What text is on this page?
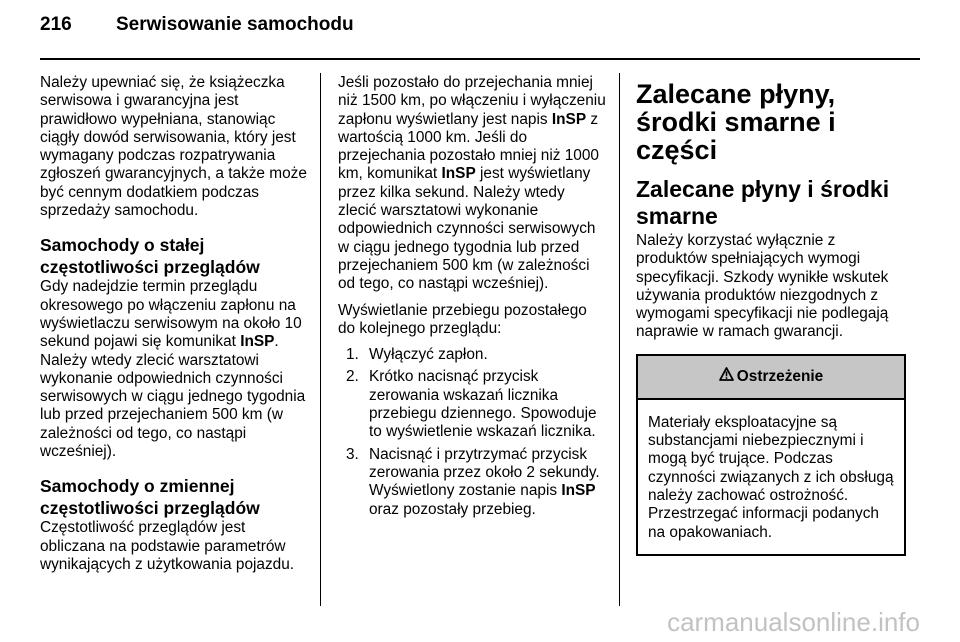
216 Serwisowanie samochodu

Należy upewniać się, że książeczka serwisowa i gwarancyjna jest prawidłowo wypełniana, stanowiąc ciągły dowód serwisowania, który jest wymagany podczas rozpatrywania zgłoszeń gwarancyjnych, a także może być cennym dodatkiem podczas sprzedaży samochodu.

Samochody o stałej częstotliwości przeglądów

Gdy nadejdzie termin przeglądu okresowego po włączeniu zapłonu na wyświetlaczu serwisowym na około 10 sekund pojawi się komunikat InSP. Należy wtedy zlecić warsztatowi wykonanie odpowiednich czynności serwisowych w ciągu jednego tygodnia lub przed przejechaniem 500 km (w zależności od tego, co nastąpi wcześniej).

Samochody o zmiennej częstotliwości przeglądów

Częstotliwość przeglądów jest obliczana na podstawie parametrów wynikających z użytkowania pojazdu.

Jeśli pozostało do przejechania mniej niż 1500 km, po włączeniu i wyłączeniu zapłonu wyświetlany jest napis InSP z wartością 1000 km. Jeśli do przejechania pozostało mniej niż 1000 km, komunikat InSP jest wyświetlany przez kilka sekund. Należy wtedy zlecić warsztatowi wykonanie odpowiednich czynności serwisowych w ciągu jednego tygodnia lub przed przejechaniem 500 km (w zależności od tego, co nastąpi wcześniej).

Wyświetlanie przebiegu pozostałego do kolejnego przeglądu:

1. Wyłączyć zapłon.
2. Krótko nacisnąć przycisk zerowania wskazań licznika przebiegu dziennego. Spowoduje to wyświetlenie wskazań licznika.
3. Nacisnąć i przytrzymać przycisk zerowania przez około 2 sekundy. Wyświetlony zostanie napis InSP oraz pozostały przebieg.
Zalecane płyny, środki smarne i części
Zalecane płyny i środki smarne

Należy korzystać wyłącznie z produktów spełniających wymogi specyfikacji. Szkody wynikłe wskutek używania produktów niezgodnych z wymogami specyfikacji nie podlegają naprawie w ramach gwarancji.

Ostrzeżenie
Materiały eksploatacyjne są substancjami niebezpiecznymi i mogą być trujące. Podczas czynności związanych z ich obsługą należy zachować ostrożność. Przestrzegać informacji podanych na opakowaniach.
carmanualsonline.info
